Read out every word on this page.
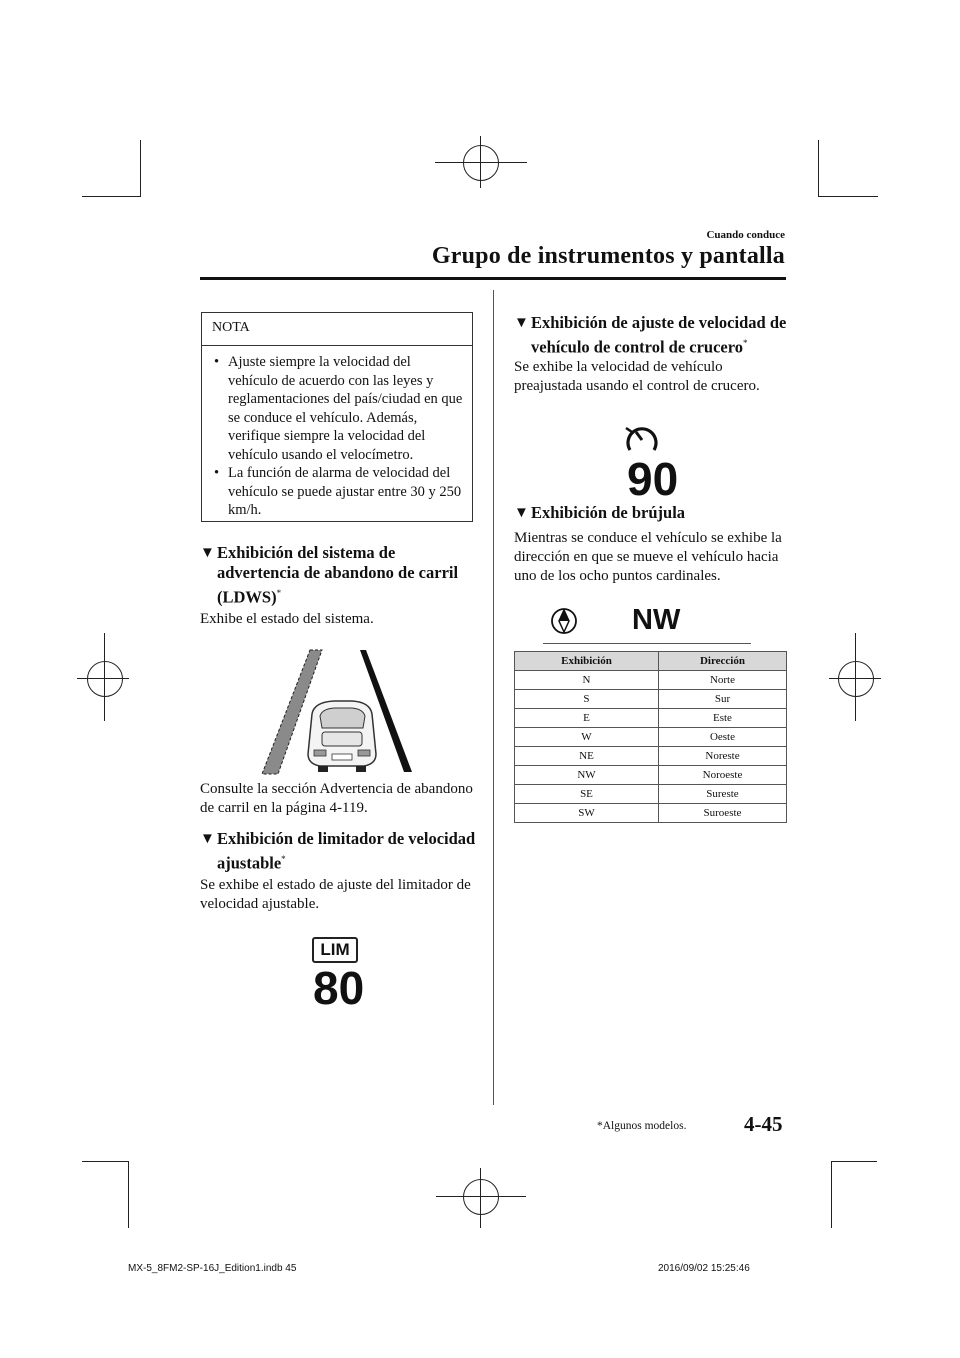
Cuando conduce
Grupo de instrumentos y pantalla
NOTA
• Ajuste siempre la velocidad del vehículo de acuerdo con las leyes y reglamentaciones del país/ciudad en que se conduce el vehículo. Además, verifique siempre la velocidad del vehículo usando el velocímetro.
• La función de alarma de velocidad del vehículo se puede ajustar entre 30 y 250 km/h.
▼ Exhibición del sistema de advertencia de abandono de carril (LDWS)*
Exhibe el estado del sistema.
Consulte la sección Advertencia de abandono de carril en la página 4-119.
▼ Exhibición de limitador de velocidad ajustable*
Se exhibe el estado de ajuste del limitador de velocidad ajustable.
LIM
80
▼ Exhibición de ajuste de velocidad de vehículo de control de crucero*
Se exhibe la velocidad de vehículo preajustada usando el control de crucero.
90
▼ Exhibición de brújula
Mientras se conduce el vehículo se exhibe la dirección en que se mueve el vehículo hacia uno de los ocho puntos cardinales.
NW
Exhibición	Dirección
N	Norte
S	Sur
E	Este
W	Oeste
NE	Noreste
NW	Noroeste
SE	Sureste
SW	Suroeste
*Algunos modelos.	4-45
MX-5_8FM2-SP-16J_Edition1.indb 45	2016/09/02 15:25:46
